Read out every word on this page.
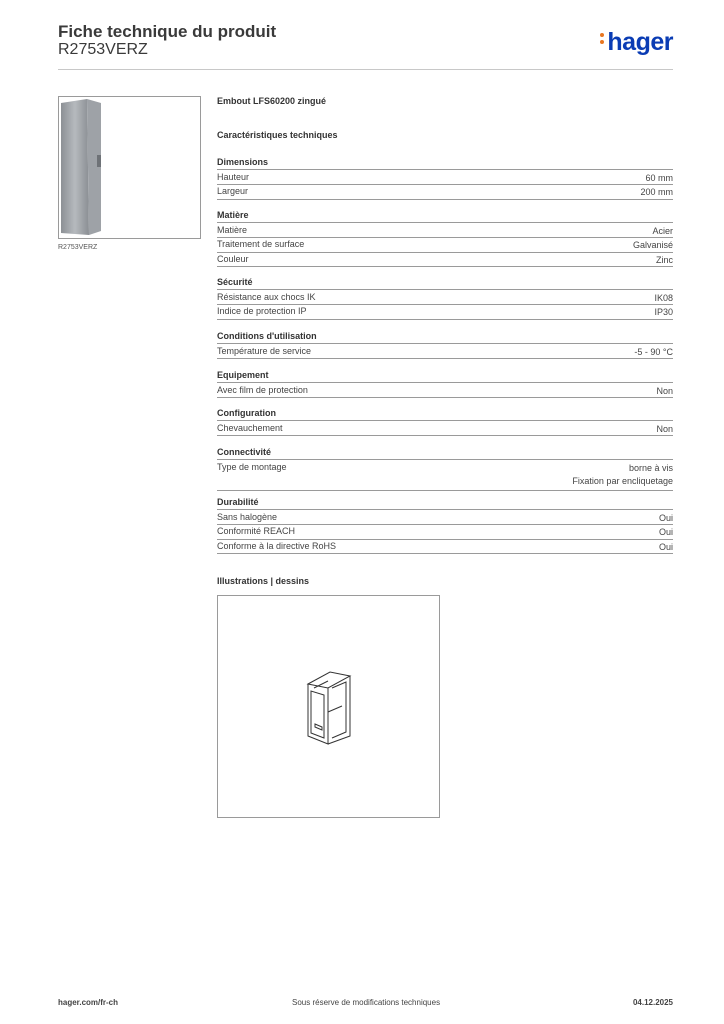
Fiche technique du produit
R2753VERZ	hager
R2753VERZ
Embout LFS60200 zingué
Caractéristiques techniques
Dimensions
Hauteur	60 mm
Largeur	200 mm
Matière
Matière	Acier
Traitement de surface	Galvanisé
Couleur	Zinc
Sécurité
Résistance aux chocs IK	IK08
Indice de protection IP	IP30
Conditions d'utilisation
Température de service	-5 - 90 °C
Equipement
Avec film de protection	Non
Configuration
Chevauchement	Non
Connectivité
Type de montage	borne à vis
Fixation par encliquetage
Durabilité
Sans halogène	Oui
Conformité REACH	Oui
Conforme à la directive RoHS	Oui
Illustrations | dessins
hager.com/fr-ch	Sous réserve de modifications techniques	04.12.2025
